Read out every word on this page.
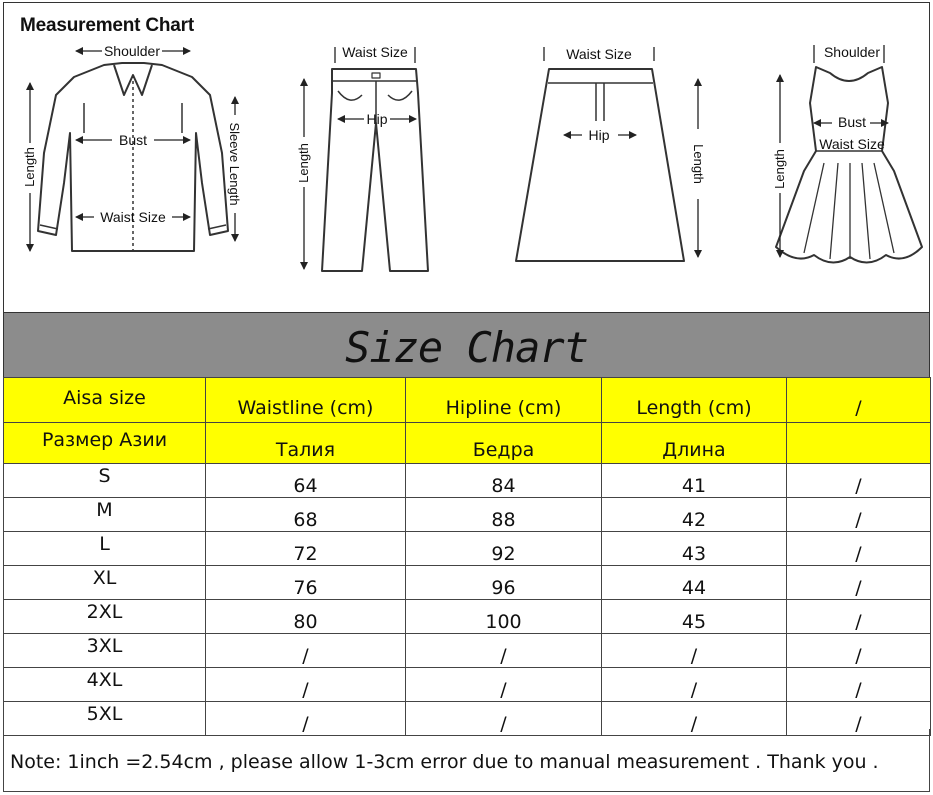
Shoulder
Bust
Waist Size
Length	Sleeve Length
Waist Size
Hip
Length
Waist Size
Hip
Length
Shoulder
Bust
Waist Size
Length
Measurement Chart
Size Chart
Aisa size	Waistline (cm)	Hipline (cm)	Length (cm)	/
Размер Азии	Талия	Бедра	Длина	
S	64	84	41	/
M	68	88	42	/
L	72	92	43	/
XL	76	96	44	/
2XL	80	100	45	/
3XL	/	/	/	/
4XL	/	/	/	/
5XL	/	/	/	/
Note: 1inch =2.54cm , please allow 1-3cm error due to manual measurement . Thank you .
